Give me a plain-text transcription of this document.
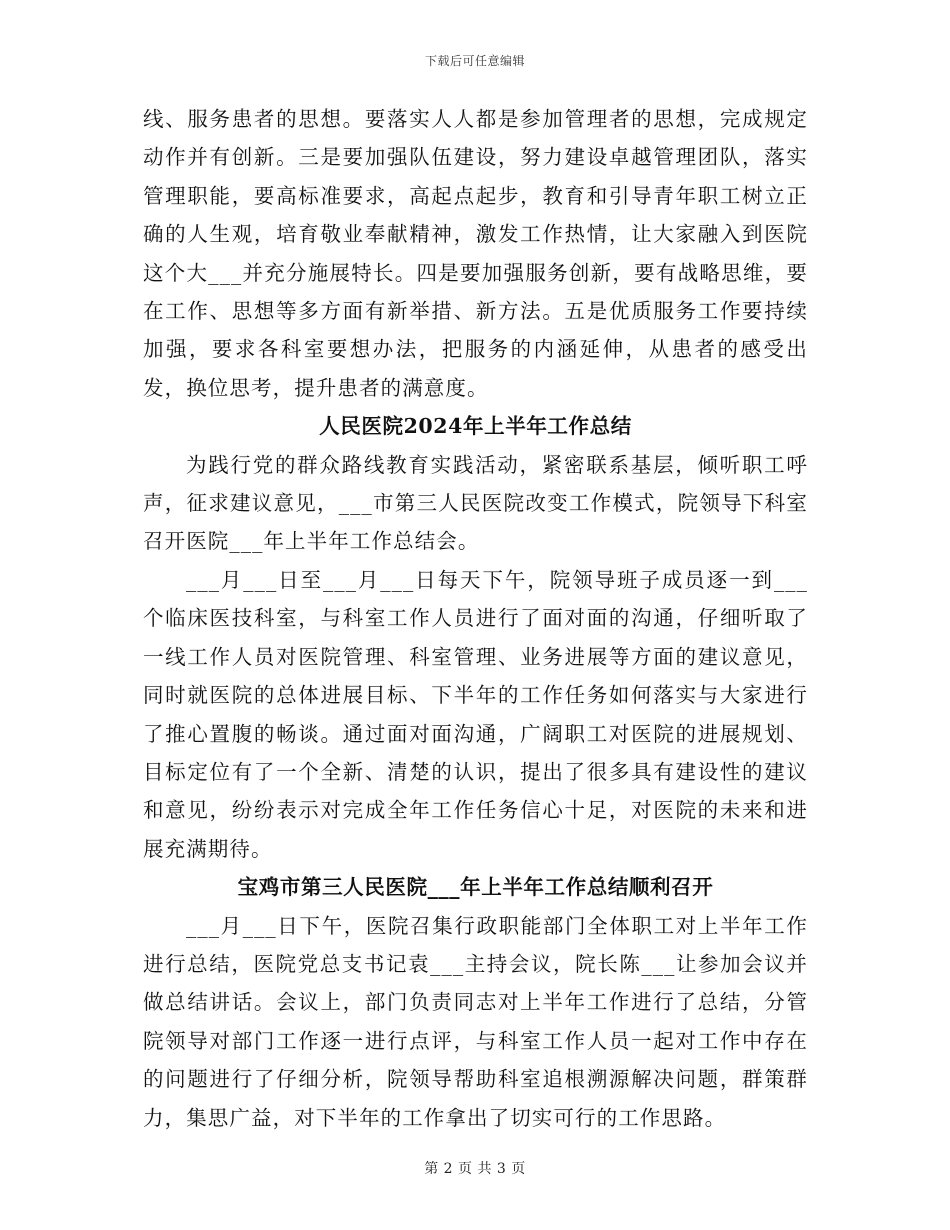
下载后可任意编辑

线、服务患者的思想。要落实人人都是参加管理者的思想，完成规定动作并有创新。三是要加强队伍建设，努力建设卓越管理团队，落实管理职能，要高标准要求，高起点起步，教育和引导青年职工树立正确的人生观，培育敬业奉献精神，激发工作热情，让大家融入到医院这个大___并充分施展特长。四是要加强服务创新，要有战略思维，要在工作、思想等多方面有新举措、新方法。五是优质服务工作要持续加强，要求各科室要想办法，把服务的内涵延伸，从患者的感受出发，换位思考，提升患者的满意度。

人民医院2024年上半年工作总结

为践行党的群众路线教育实践活动，紧密联系基层，倾听职工呼声，征求建议意见，___市第三人民医院改变工作模式，院领导下科室召开医院___年上半年工作总结会。

___月___日至___月___日每天下午，院领导班子成员逐一到___个临床医技科室，与科室工作人员进行了面对面的沟通，仔细听取了一线工作人员对医院管理、科室管理、业务进展等方面的建议意见，同时就医院的总体进展目标、下半年的工作任务如何落实与大家进行了推心置腹的畅谈。通过面对面沟通，广阔职工对医院的进展规划、目标定位有了一个全新、清楚的认识，提出了很多具有建设性的建议和意见，纷纷表示对完成全年工作任务信心十足，对医院的未来和进展充满期待。

宝鸡市第三人民医院___年上半年工作总结顺利召开

___月___日下午，医院召集行政职能部门全体职工对上半年工作进行总结，医院党总支书记袁___主持会议，院长陈___让参加会议并做总结讲话。会议上，部门负责同志对上半年工作进行了总结，分管院领导对部门工作逐一进行点评，与科室工作人员一起对工作中存在的问题进行了仔细分析，院领导帮助科室追根溯源解决问题，群策群力，集思广益，对下半年的工作拿出了切实可行的工作思路。

第 2 页 共 3 页
